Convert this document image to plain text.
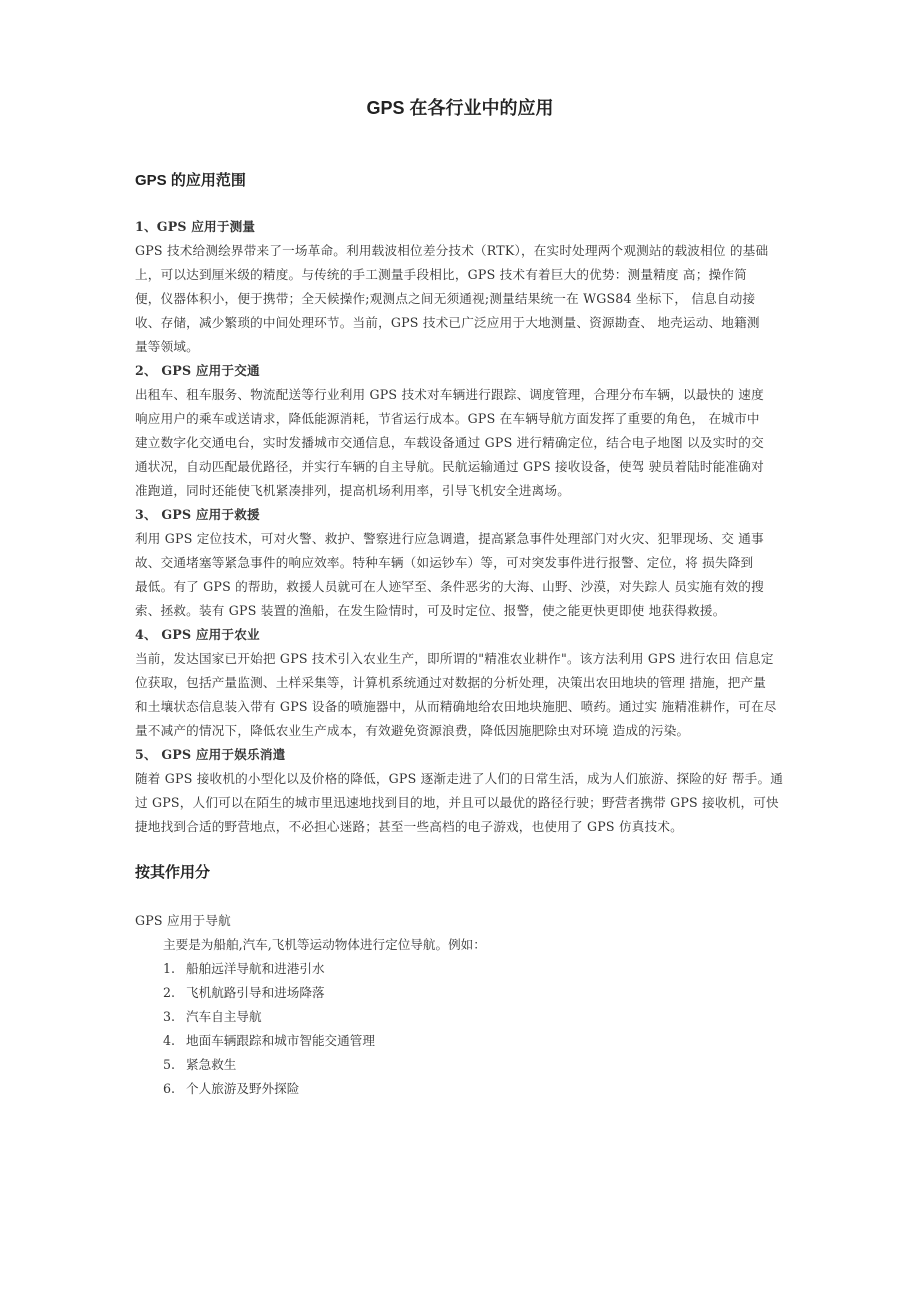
GPS 在各行业中的应用
GPS 的应用范围
1、GPS 应用于测量
GPS 技术给测绘界带来了一场革命。利用载波相位差分技术（RTK），在实时处理两个观测站的载波相位 的基础
上，可以达到厘米级的精度。与传统的手工测量手段相比，GPS 技术有着巨大的优势：测量精度 高；操作简
便，仪器体积小，便于携带；全天候操作;观测点之间无须通视;测量结果统一在 WGS84 坐标下， 信息自动接
收、存储，减少繁琐的中间处理环节。当前，GPS 技术已广泛应用于大地测量、资源勘查、 地壳运动、地籍测
量等领域。
2、 GPS 应用于交通
出租车、租车服务、物流配送等行业利用 GPS 技术对车辆进行跟踪、调度管理，合理分布车辆，以最快的 速度
响应用户的乘车或送请求，降低能源消耗，节省运行成本。GPS 在车辆导航方面发挥了重要的角色， 在城市中
建立数字化交通电台，实时发播城市交通信息，车载设备通过 GPS 进行精确定位，结合电子地图 以及实时的交
通状况，自动匹配最优路径，并实行车辆的自主导航。民航运输通过 GPS 接收设备，使驾 驶员着陆时能准确对
准跑道，同时还能使飞机紧凑排列，提高机场利用率，引导飞机安全进离场。
3、 GPS 应用于救援
利用 GPS 定位技术，可对火警、救护、警察进行应急调遣，提高紧急事件处理部门对火灾、犯罪现场、交 通事
故、交通堵塞等紧急事件的响应效率。特种车辆（如运钞车）等，可对突发事件进行报警、定位，将 损失降到
最低。有了 GPS 的帮助，救援人员就可在人迹罕至、条件恶劣的大海、山野、沙漠，对失踪人 员实施有效的搜
索、拯救。装有 GPS 装置的渔船，在发生险情时，可及时定位、报警，使之能更快更即使 地获得救援。
4、 GPS 应用于农业
当前，发达国家已开始把 GPS 技术引入农业生产，即所谓的"精准农业耕作"。该方法利用 GPS 进行农田 信息定
位获取，包括产量监测、土样采集等，计算机系统通过对数据的分析处理，决策出农田地块的管理 措施，把产量
和土壤状态信息装入带有 GPS 设备的喷施器中，从而精确地给农田地块施肥、喷药。通过实 施精准耕作，可在尽
量不减产的情况下，降低农业生产成本，有效避免资源浪费，降低因施肥除虫对环境 造成的污染。
5、 GPS 应用于娱乐消遣
随着 GPS 接收机的小型化以及价格的降低，GPS 逐渐走进了人们的日常生活，成为人们旅游、探险的好 帮手。通
过 GPS，人们可以在陌生的城市里迅速地找到目的地，并且可以最优的路径行驶；野营者携带 GPS 接收机，可快
捷地找到合适的野营地点，不必担心迷路；甚至一些高档的电子游戏，也使用了 GPS 仿真技术。
按其作用分
GPS 应用于导航
主要是为船舶,汽车,飞机等运动物体进行定位导航。例如：
1. 船舶远洋导航和进港引水
2. 飞机航路引导和进场降落
3. 汽车自主导航
4. 地面车辆跟踪和城市智能交通管理
5. 紧急救生
6. 个人旅游及野外探险
